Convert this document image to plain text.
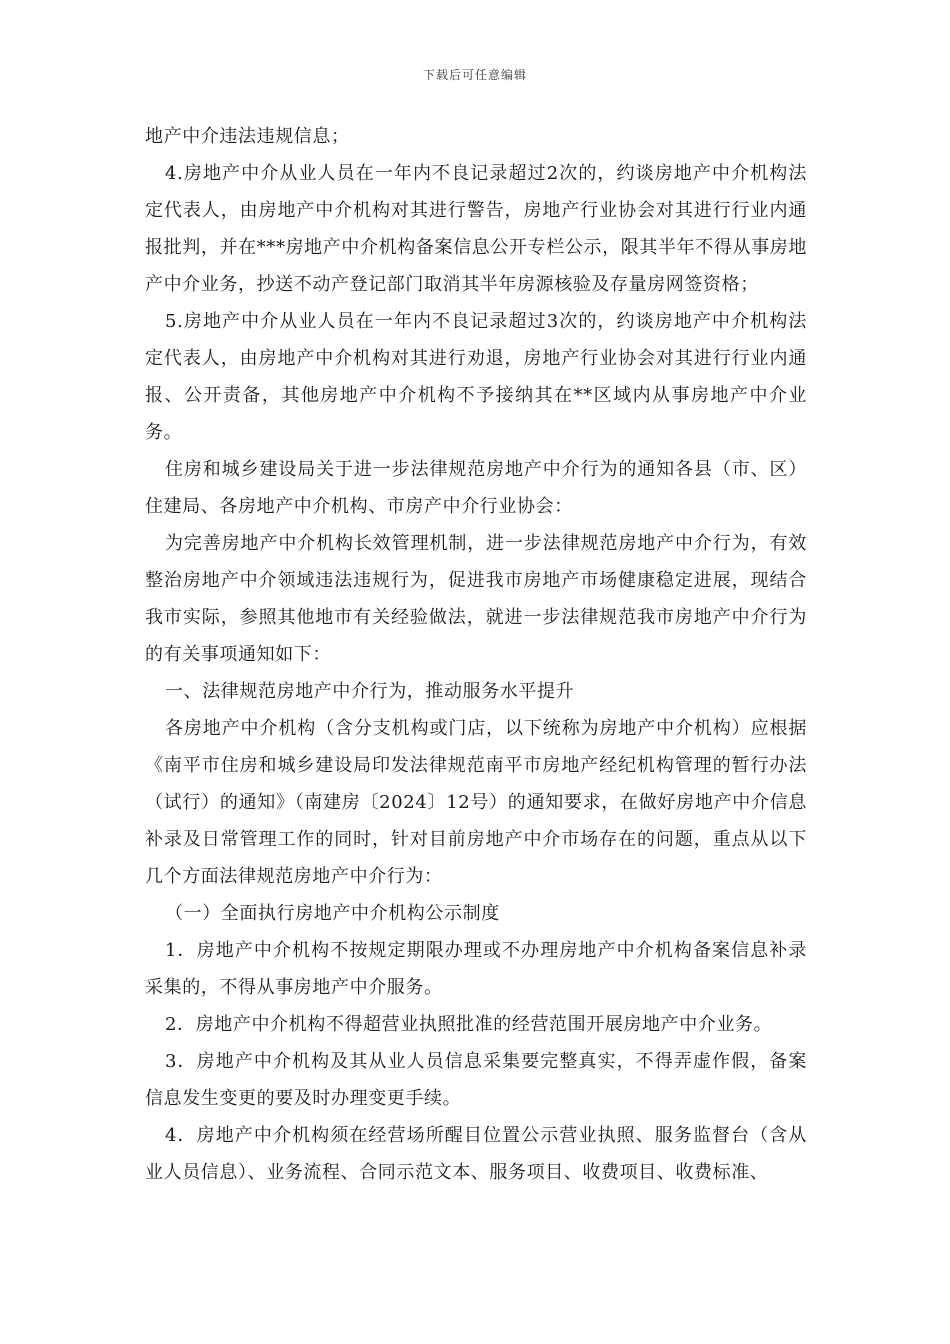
下载后可任意编辑

地产中介违法违规信息；

4.房地产中介从业人员在一年内不良记录超过2次的，约谈房地产中介机构法定代表人，由房地产中介机构对其进行警告，房地产行业协会对其进行行业内通报批判，并在***房地产中介机构备案信息公开专栏公示，限其半年不得从事房地产中介业务，抄送不动产登记部门取消其半年房源核验及存量房网签资格；

5.房地产中介从业人员在一年内不良记录超过3次的，约谈房地产中介机构法定代表人，由房地产中介机构对其进行劝退，房地产行业协会对其进行行业内通报、公开责备，其他房地产中介机构不予接纳其在**区域内从事房地产中介业务。

住房和城乡建设局关于进一步法律规范房地产中介行为的通知各县（市、区）住建局、各房地产中介机构、市房产中介行业协会：

为完善房地产中介机构长效管理机制，进一步法律规范房地产中介行为，有效整治房地产中介领域违法违规行为，促进我市房地产市场健康稳定进展，现结合我市实际，参照其他地市有关经验做法，就进一步法律规范我市房地产中介行为的有关事项通知如下：

一、法律规范房地产中介行为，推动服务水平提升

各房地产中介机构（含分支机构或门店，以下统称为房地产中介机构）应根据《南平市住房和城乡建设局印发法律规范南平市房地产经纪机构管理的暂行办法（试行）的通知》（南建房〔2024〕12号）的通知要求，在做好房地产中介信息补录及日常管理工作的同时，针对目前房地产中介市场存在的问题，重点从以下几个方面法律规范房地产中介行为：

（一）全面执行房地产中介机构公示制度

1．房地产中介机构不按规定期限办理或不办理房地产中介机构备案信息补录采集的，不得从事房地产中介服务。

2．房地产中介机构不得超营业执照批准的经营范围开展房地产中介业务。

3．房地产中介机构及其从业人员信息采集要完整真实，不得弄虚作假，备案信息发生变更的要及时办理变更手续。

4．房地产中介机构须在经营场所醒目位置公示营业执照、服务监督台（含从业人员信息）、业务流程、合同示范文本、服务项目、收费项目、收费标准、
